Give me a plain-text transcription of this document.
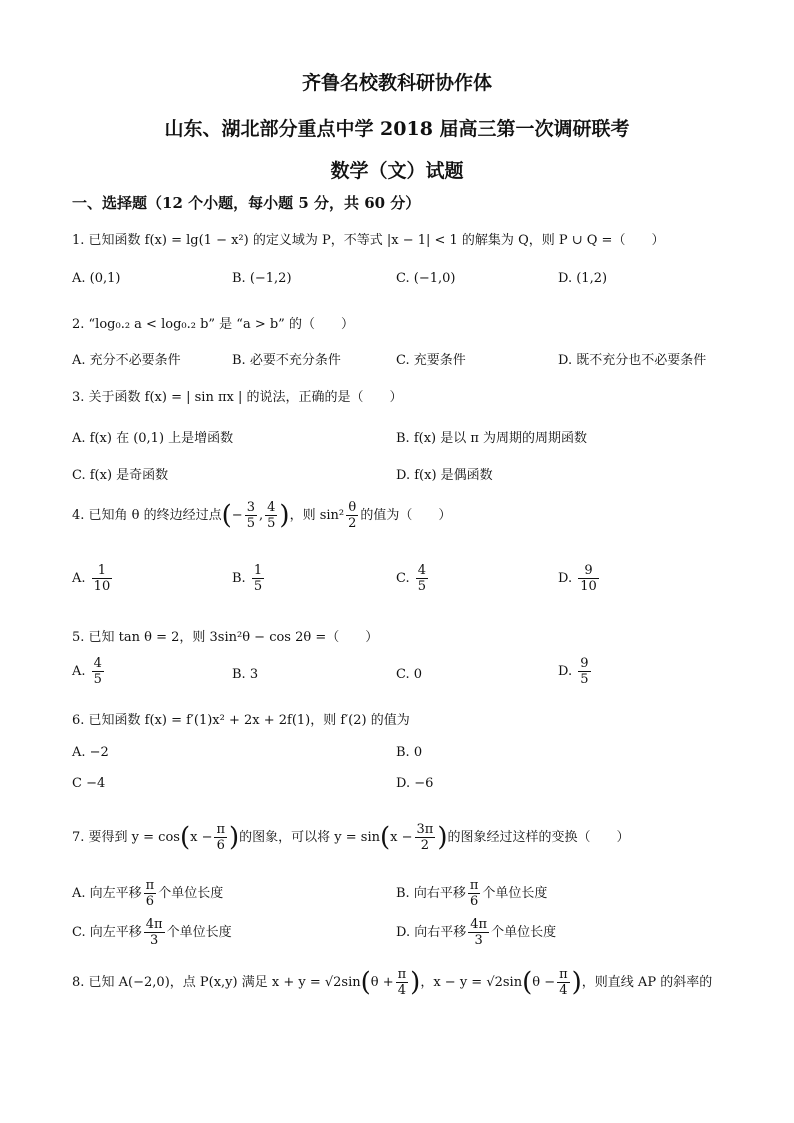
齐鲁名校教科研协作体
山东、湖北部分重点中学 2018 届高三第一次调研联考
数学（文）试题
一、选择题（12 个小题，每小题 5 分，共 60 分）
1. 已知函数 f(x) = lg(1 − x²) 的定义域为 P，不等式 |x − 1| < 1 的解集为 Q，则 P ∪ Q =（　　）
A. (0,1)	B. (−1,2)	C. (−1,0)	D. (1,2)
2. “log₀.₂ a < log₀.₂ b” 是 “a > b” 的（　　）
A. 充分不必要条件	B. 必要不充分条件	C. 充要条件	D. 既不充分也不必要条件
3. 关于函数 f(x) = | sin πx | 的说法，正确的是（　　）
A. f(x) 在 (0,1) 上是增函数	B. f(x) 是以 π 为周期的周期函数
C. f(x) 是奇函数	D. f(x) 是偶函数
4. 已知角 θ 的终边经过点(− $\frac{3}{5}$ , $\frac{4}{5}$ )，则 $\sin^2 \frac{\theta}{2}$ 的值为（　　）
A. $\frac{1}{10}$	B. $\frac{1}{5}$	C. $\frac{4}{5}$	D. $\frac{9}{10}$
5. 已知 tan θ = 2，则 3sin²θ − cos 2θ =（　　）
A. $\frac{4}{5}$	B. 3	C. 0	D. $\frac{9}{5}$
6. 已知函数 f(x) = f′(1)x² + 2x + 2f(1)，则 f′(2) 的值为
A. −2	B. 0
C −4	D. −6
7. 要得到 $y = \cos(x - \frac{\pi}{6}$ )的图象，可以将 $y = \sin(x - \frac{3\pi}{2}$ )的图象经过这样的变换（　　）
A. 向左平移 $\frac{\pi}{6}$ 个单位长度	B. 向右平移 $\frac{\pi}{6}$ 个单位长度
C. 向左平移 $\frac{4\pi}{3}$ 个单位长度	D. 向右平移 $\frac{4\pi}{3}$ 个单位长度
8. 已知 A(−2,0)，点 P(x,y) 满足 $x + y = √2\sin(\theta + \frac{\pi}{4}$ )，$x - y = √2\sin(\theta - \frac{\pi}{4}$ )，则直线 AP 的斜率的
